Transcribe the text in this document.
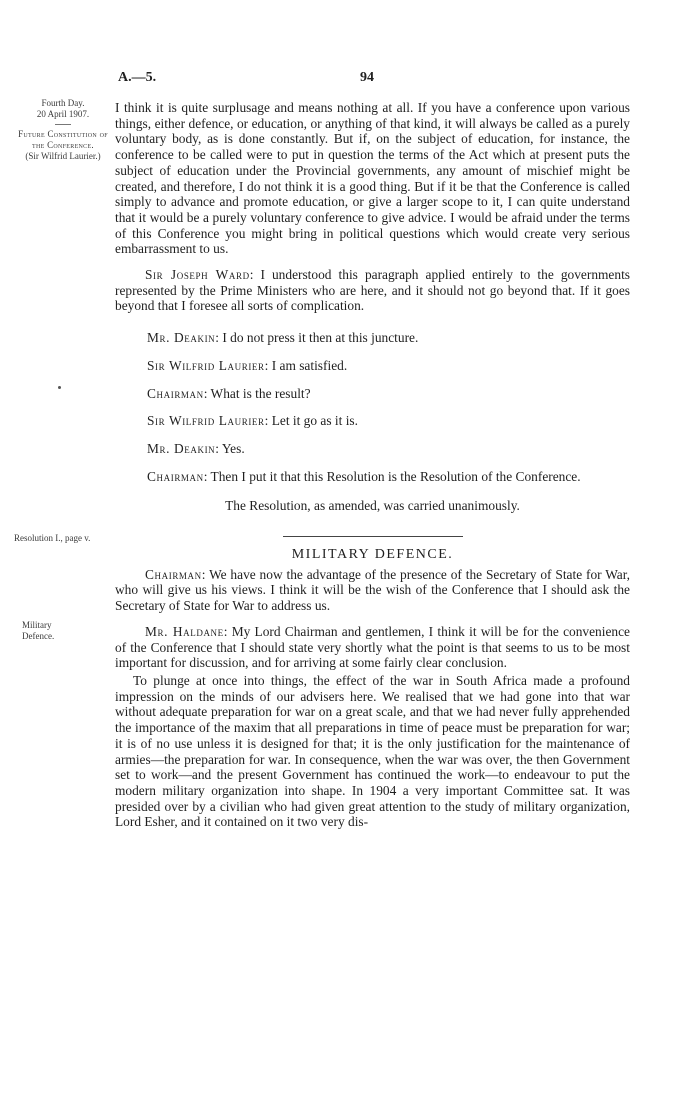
A.—5.	94
Fourth Day.
20 April 1907.
Future Constitution of the Conference.
(Sir Wilfrid Laurier.)
Resolution I., page v.
Military Defence.

I think it is quite surplusage and means nothing at all. If you have a conference upon various things, either defence, or education, or anything of that kind, it will always be called as a purely voluntary body, as is done constantly. But if, on the subject of education, for instance, the conference to be called were to put in question the terms of the Act which at present puts the subject of education under the Provincial governments, any amount of mischief might be created, and therefore, I do not think it is a good thing. But if it be that the Conference is called simply to advance and promote education, or give a larger scope to it, I can quite understand that it would be a purely voluntary conference to give advice. I would be afraid under the terms of this Conference you might bring in political questions which would create very serious embarrassment to us.

Sir Joseph Ward: I understood this paragraph applied entirely to the governments represented by the Prime Ministers who are here, and it should not go beyond that. If it goes beyond that I foresee all sorts of complication.

Mr. Deakin: I do not press it then at this juncture.

Sir Wilfrid Laurier: I am satisfied.

Chairman: What is the result?

Sir Wilfrid Laurier: Let it go as it is.

Mr. Deakin: Yes.

Chairman: Then I put it that this Resolution is the Resolution of the Conference.

The Resolution, as amended, was carried unanimously.

MILITARY DEFENCE.

Chairman: We have now the advantage of the presence of the Secretary of State for War, who will give us his views. I think it will be the wish of the Conference that I should ask the Secretary of State for War to address us.

Mr. Haldane: My Lord Chairman and gentlemen, I think it will be for the convenience of the Conference that I should state very shortly what the point is that seems to us to be most important for discussion, and for arriving at some fairly clear conclusion.

To plunge at once into things, the effect of the war in South Africa made a profound impression on the minds of our advisers here. We realised that we had gone into that war without adequate preparation for war on a great scale, and that we had never fully apprehended the importance of the maxim that all preparations in time of peace must be preparation for war; it is of no use unless it is designed for that; it is the only justification for the maintenance of armies—the preparation for war. In consequence, when the war was over, the then Government set to work—and the present Government has continued the work—to endeavour to put the modern military organization into shape. In 1904 a very important Committee sat. It was presided over by a civilian who had given great attention to the study of military organization, Lord Esher, and it contained on it two very dis-
